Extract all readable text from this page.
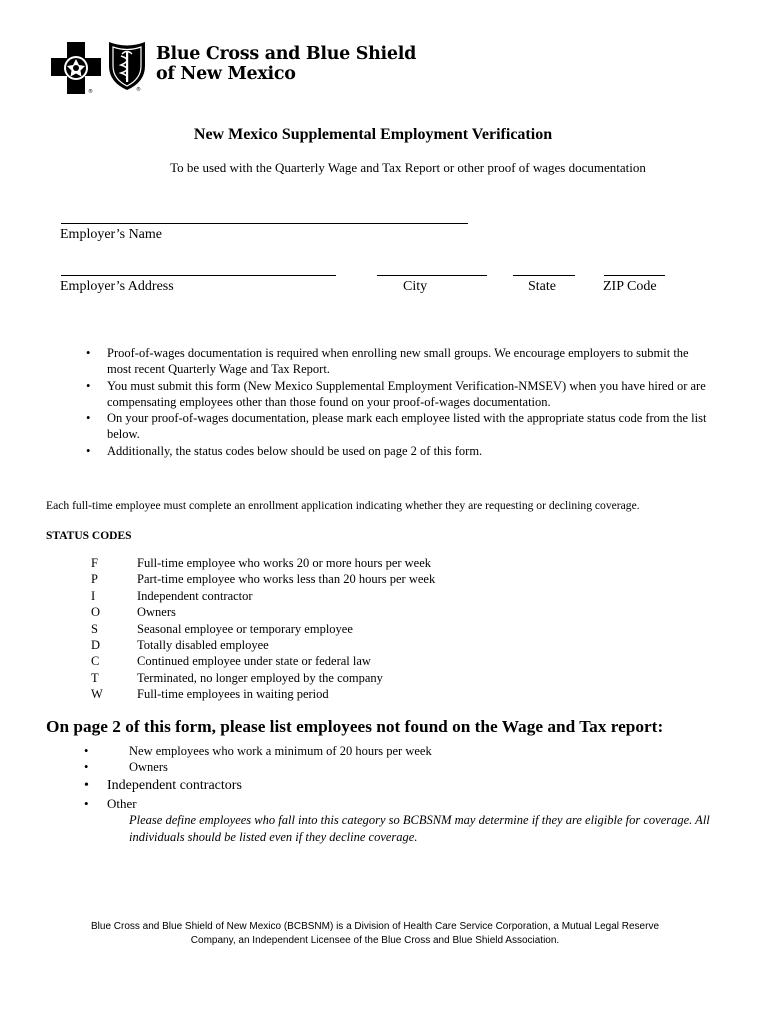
®	®
Blue Cross and Blue Shield
of New Mexico
New Mexico Supplemental Employment Verification
To be used with the Quarterly Wage and Tax Report or other proof of wages documentation
Employer’s Name
Employer’s Address	City	State	ZIP Code
• Proof-of-wages documentation is required when enrolling new small groups. We encourage employers to submit the most recent Quarterly Wage and Tax Report.
• You must submit this form (New Mexico Supplemental Employment Verification-NMSEV) when you have hired or are compensating employees other than those found on your proof-of-wages documentation.
• On your proof-of-wages documentation, please mark each employee listed with the appropriate status code from the list below.
• Additionally, the status codes below should be used on page 2 of this form.
Each full-time employee must complete an enrollment application indicating whether they are requesting or declining coverage.
STATUS CODES
F	Full-time employee who works 20 or more hours per week
P	Part-time employee who works less than 20 hours per week
I	Independent contractor
O	Owners
S	Seasonal employee or temporary employee
D	Totally disabled employee
C	Continued employee under state or federal law
T	Terminated, no longer employed by the company
W	Full-time employees in waiting period
On page 2 of this form, please list employees not found on the Wage and Tax report:
•	New employees who work a minimum of 20 hours per week
•	Owners
• Independent contractors
• Other
Please define employees who fall into this category so BCBSNM may determine if they are eligible for coverage. All individuals should be listed even if they decline coverage.
Blue Cross and Blue Shield of New Mexico (BCBSNM) is a Division of Health Care Service Corporation, a Mutual Legal Reserve
Company, an Independent Licensee of the Blue Cross and Blue Shield Association.
